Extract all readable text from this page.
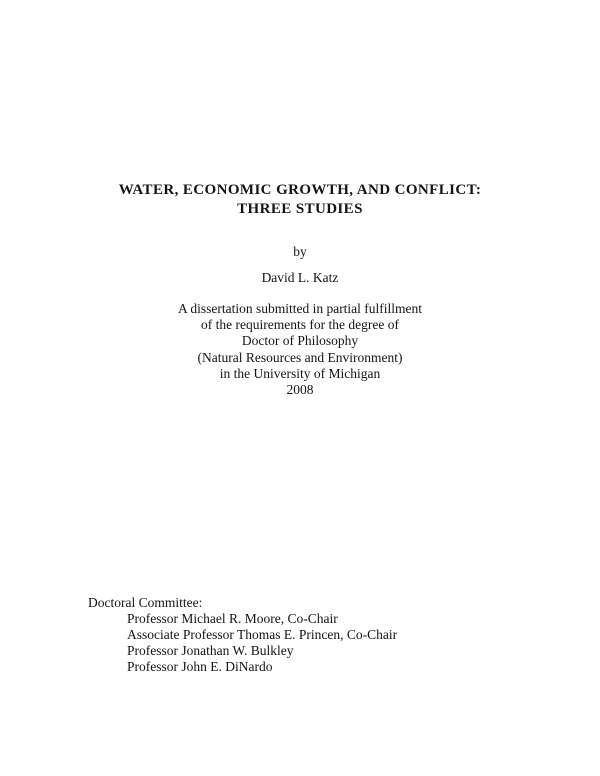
WATER, ECONOMIC GROWTH, AND CONFLICT:
THREE STUDIES
by
David L. Katz
A dissertation submitted in partial fulfillment
of the requirements for the degree of
Doctor of Philosophy
(Natural Resources and Environment)
in the University of Michigan
2008
Doctoral Committee:
Professor Michael R. Moore, Co-Chair
Associate Professor Thomas E. Princen, Co-Chair
Professor Jonathan W. Bulkley
Professor John E. DiNardo
